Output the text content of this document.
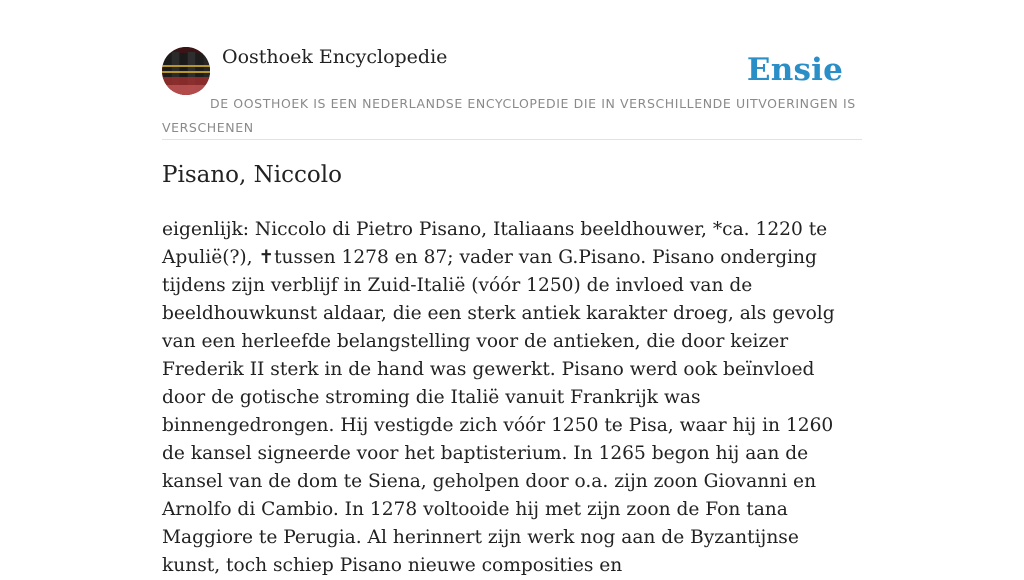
Oosthoek Encyclopedie	Ensie
DE OOSTHOEK IS EEN NEDERLANDSE ENCYCLOPEDIE DIE IN VERSCHILLENDE UITVOERINGEN IS VERSCHENEN
Pisano, Niccolo

eigenlijk: Niccolo di Pietro Pisano, Italiaans beeldhouwer, *ca. 1220 te Apulië(?), ✝tussen 1278 en 87; vader van G.Pisano. Pisano onderging tijdens zijn verblijf in Zuid-Italië (vóór 1250) de invloed van de beeldhouwkunst aldaar, die een sterk antiek karakter droeg, als gevolg van een herleefde belangstelling voor de antieken, die door keizer Frederik II sterk in de hand was gewerkt. Pisano werd ook beïnvloed door de gotische stroming die Italië vanuit Frankrijk was binnengedrongen. Hij vestigde zich vóór 1250 te Pisa, waar hij in 1260 de kansel signeerde voor het baptisterium. In 1265 begon hij aan de kansel van de dom te Siena, geholpen door o.a. zijn zoon Giovanni en Arnolfo di Cambio. In 1278 voltooide hij met zijn zoon de Fon tana Maggiore te Perugia. Al herinnert zijn werk nog aan de Byzantijnse kunst, toch schiep Pisano nieuwe composities en
